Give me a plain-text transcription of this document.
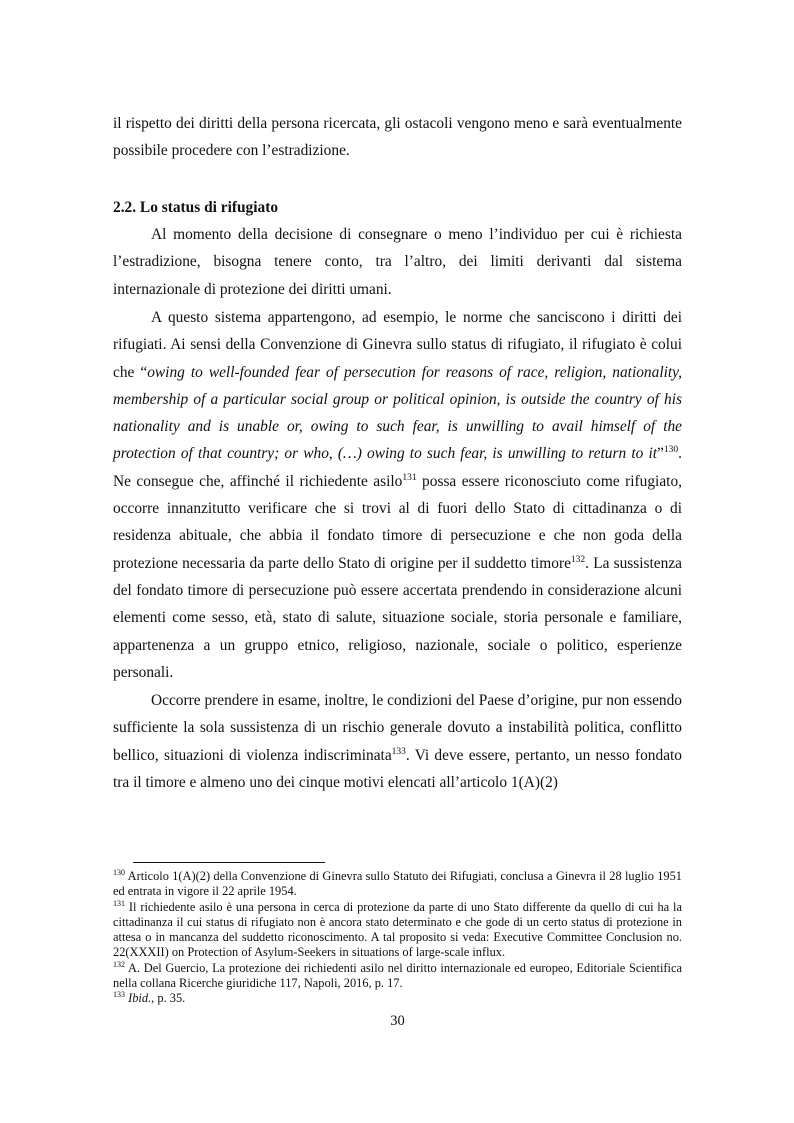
il rispetto dei diritti della persona ricercata, gli ostacoli vengono meno e sarà eventualmente possibile procedere con l’estradizione.

2.2. Lo status di rifugiato

Al momento della decisione di consegnare o meno l’individuo per cui è richiesta l’estradizione, bisogna tenere conto, tra l’altro, dei limiti derivanti dal sistema internazionale di protezione dei diritti umani.

A questo sistema appartengono, ad esempio, le norme che sanciscono i diritti dei rifugiati. Ai sensi della Convenzione di Ginevra sullo status di rifugiato, il rifugiato è colui che “owing to well-founded fear of persecution for reasons of race, religion, nationality, membership of a particular social group or political opinion, is outside the country of his nationality and is unable or, owing to such fear, is unwilling to avail himself of the protection of that country; or who, (…) owing to such fear, is unwilling to return to it”$^{130}$. Ne consegue che, affinché il richiedente asilo$^{131}$ possa essere riconosciuto come rifugiato, occorre innanzitutto verificare che si trovi al di fuori dello Stato di cittadinanza o di residenza abituale, che abbia il fondato timore di persecuzione e che non goda della protezione necessaria da parte dello Stato di origine per il suddetto timore$^{132}$. La sussistenza del fondato timore di persecuzione può essere accertata prendendo in considerazione alcuni elementi come sesso, età, stato di salute, situazione sociale, storia personale e familiare, appartenenza a un gruppo etnico, religioso, nazionale, sociale o politico, esperienze personali.

Occorre prendere in esame, inoltre, le condizioni del Paese d’origine, pur non essendo sufficiente la sola sussistenza di un rischio generale dovuto a instabilità politica, conflitto bellico, situazioni di violenza indiscriminata$^{133}$. Vi deve essere, pertanto, un nesso fondato tra il timore e almeno uno dei cinque motivi elencati all’articolo 1(A)(2)

$^{130}$ Articolo 1(A)(2) della Convenzione di Ginevra sullo Statuto dei Rifugiati, conclusa a Ginevra il 28 luglio 1951 ed entrata in vigore il 22 aprile 1954.

$^{131}$ Il richiedente asilo è una persona in cerca di protezione da parte di uno Stato differente da quello di cui ha la cittadinanza il cui status di rifugiato non è ancora stato determinato e che gode di un certo status di protezione in attesa o in mancanza del suddetto riconoscimento. A tal proposito si veda: Executive Committee Conclusion no. 22(XXXII) on Protection of Asylum-Seekers in situations of large-scale influx.

$^{132}$ A. Del Guercio, La protezione dei richiedenti asilo nel diritto internazionale ed europeo, Editoriale Scientifica nella collana Ricerche giuridiche 117, Napoli, 2016, p. 17.

$^{133}$ Ibid., p. 35.

30
